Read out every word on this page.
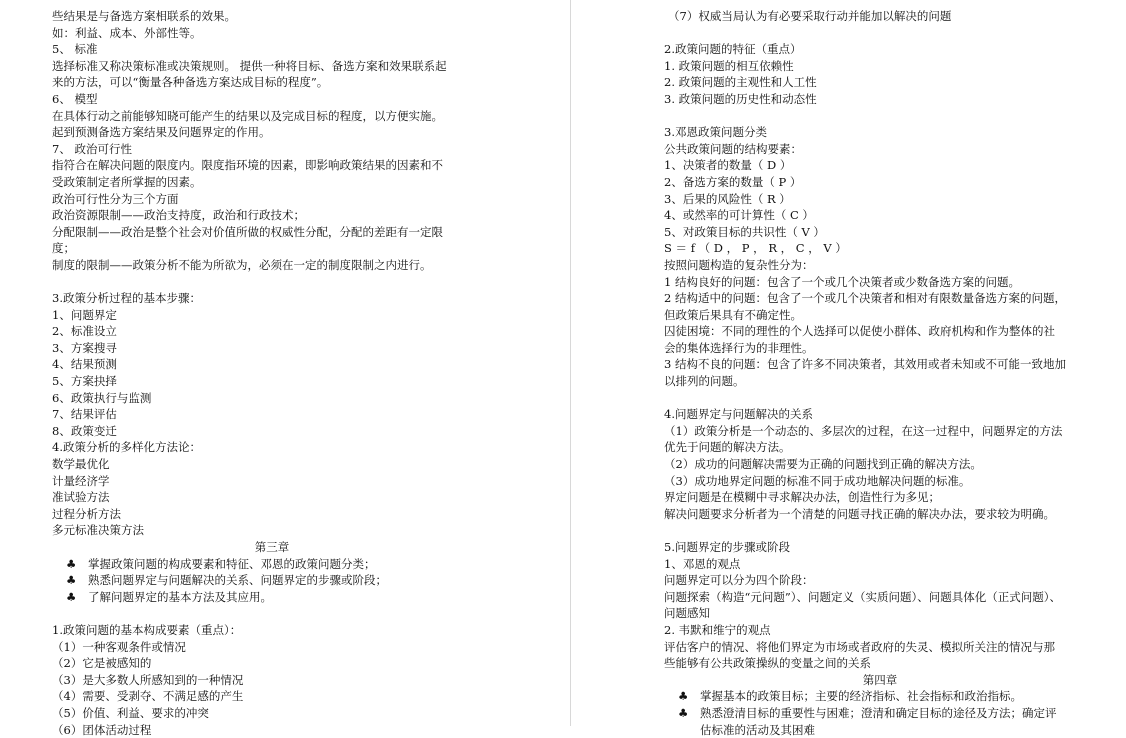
些结果是与备选方案相联系的效果。
如：利益、成本、外部性等。
5、 标准
选择标准又称决策标准或决策规则。 提供一种将目标、备选方案和效果联系起
来的方法，可以“衡量各种备选方案达成目标的程度”。
6、 模型
在具体行动之前能够知晓可能产生的结果以及完成目标的程度，以方便实施。
起到预测备选方案结果及问题界定的作用。
7、 政治可行性
指符合在解决问题的限度内。限度指环境的因素，即影响政策结果的因素和不
受政策制定者所掌握的因素。
政治可行性分为三个方面
政治资源限制——政治支持度，政治和行政技术；
分配限制——政治是整个社会对价值所做的权威性分配，分配的差距有一定限
度；
制度的限制——政策分析不能为所欲为，必须在一定的制度限制之内进行。
3.政策分析过程的基本步骤：
1、问题界定
2、标准设立
3、方案搜寻
4、结果预测
5、方案抉择
6、政策执行与监测
7、结果评估
8、政策变迁
4.政策分析的多样化方法论：
数学最优化
计量经济学
准试验方法
过程分析方法
多元标准决策方法
第三章
♣ 掌握政策问题的构成要素和特征、邓恩的政策问题分类；
♣ 熟悉问题界定与问题解决的关系、问题界定的步骤或阶段；
♣ 了解问题界定的基本方法及其应用。
1.政策问题的基本构成要素（重点）：
（1）一种客观条件或情况
（2）它是被感知的
（3）是大多数人所感知到的一种情况
（4）需要、受剥夺、不满足感的产生
（5）价值、利益、要求的冲突
（6）团体活动过程
（7）权威当局认为有必要采取行动并能加以解决的问题
2.政策问题的特征（重点）
1. 政策问题的相互依赖性
2. 政策问题的主观性和人工性
3. 政策问题的历史性和动态性
3.邓恩政策问题分类
公共政策问题的结构要素：
1、决策者的数量（ D ）
2、备选方案的数量（ P ）
3、后果的风险性（ R ）
4、或然率的可计算性（ C ）
5、对政策目标的共识性（ V ）
S ＝ f （ D ， P ， R ， C ， V ）
按照问题构造的复杂性分为：
1 结构良好的问题：包含了一个或几个决策者或少数备选方案的问题。
2 结构适中的问题：包含了一个或几个决策者和相对有限数量备选方案的问题，
但政策后果具有不确定性。
囚徒困境：不同的理性的个人选择可以促使小群体、政府机构和作为整体的社
会的集体选择行为的非理性。
3 结构不良的问题：包含了许多不同决策者，其效用或者未知或不可能一致地加
以排列的问题。
4.问题界定与问题解决的关系
（1）政策分析是一个动态的、多层次的过程，在这一过程中，问题界定的方法
优先于问题的解决方法。
（2）成功的问题解决需要为正确的问题找到正确的解决方法。
（3）成功地界定问题的标准不同于成功地解决问题的标准。
界定问题是在模糊中寻求解决办法，创造性行为多见；
解决问题要求分析者为一个清楚的问题寻找正确的解决办法，要求较为明确。
5.问题界定的步骤或阶段
1、邓恩的观点
问题界定可以分为四个阶段：
问题探索（构造“元问题”）、问题定义（实质问题）、问题具体化（正式问题）、
问题感知
2. 韦默和维宁的观点
评估客户的情况、将他们界定为市场或者政府的失灵、模拟所关注的情况与那
些能够有公共政策操纵的变量之间的关系
第四章
♣ 掌握基本的政策目标；主要的经济指标、社会指标和政治指标。
♣ 熟悉澄清目标的重要性与困难；澄清和确定目标的途径及方法；确定评
估标准的活动及其困难
